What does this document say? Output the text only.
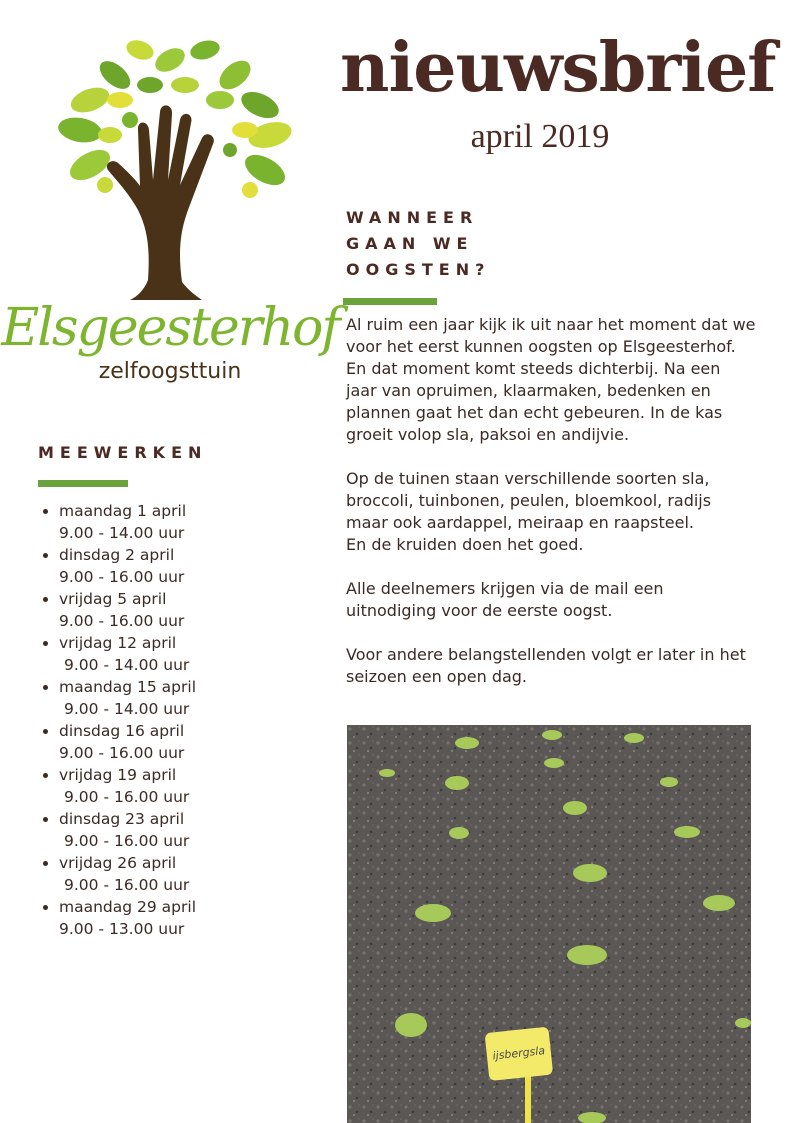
Elsgeesterhof
zelfoogsttuin
nieuwsbrief
april 2019
WANNEER
GAAN WE
OOGSTEN?

Al ruim een jaar kijk ik uit naar het moment dat we voor het eerst kunnen oogsten op Elsgeesterhof. En dat moment komt steeds dichterbij. Na een jaar van opruimen, klaarmaken, bedenken en plannen gaat het dan echt gebeuren. In de kas groeit volop sla, paksoi en andijvie.

Op de tuinen staan verschillende soorten sla, broccoli, tuinbonen, peulen, bloemkool, radijs maar ook aardappel, meiraap en raapsteel.

En de kruiden doen het goed.

Alle deelnemers krijgen via de mail een uitnodiging voor de eerste oogst.

Voor andere belangstellenden volgt er later in het seizoen een open dag.

MEEWERKEN
• maandag 1 april
9.00 - 14.00 uur
• dinsdag 2 april
9.00 - 16.00 uur
• vrijdag 5 april
9.00 - 16.00 uur
• vrijdag 12 april
9.00 - 14.00 uur
• maandag 15 april
9.00 - 14.00 uur
• dinsdag 16 april
9.00 - 16.00 uur
• vrijdag 19 april
9.00 - 16.00 uur
• dinsdag 23 april
9.00 - 16.00 uur
• vrijdag 26 april
9.00 - 16.00 uur
• maandag 29 april
9.00 - 13.00 uur
ijsbergsla
